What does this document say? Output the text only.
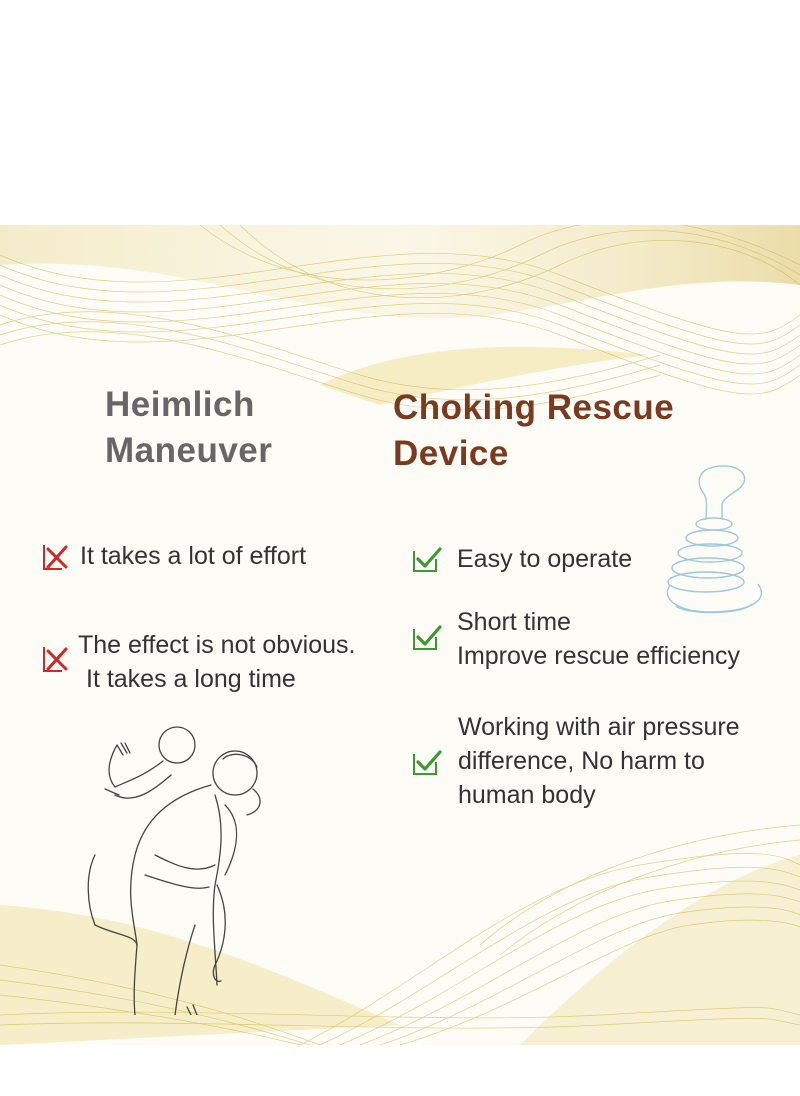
Heimlich
Maneuver
Choking Rescue
Device
It takes a lot of effort
The effect is not obvious.
It takes a long time
Easy to operate
Short time
Improve rescue efficiency
Working with air pressure
difference, No harm to
human body
